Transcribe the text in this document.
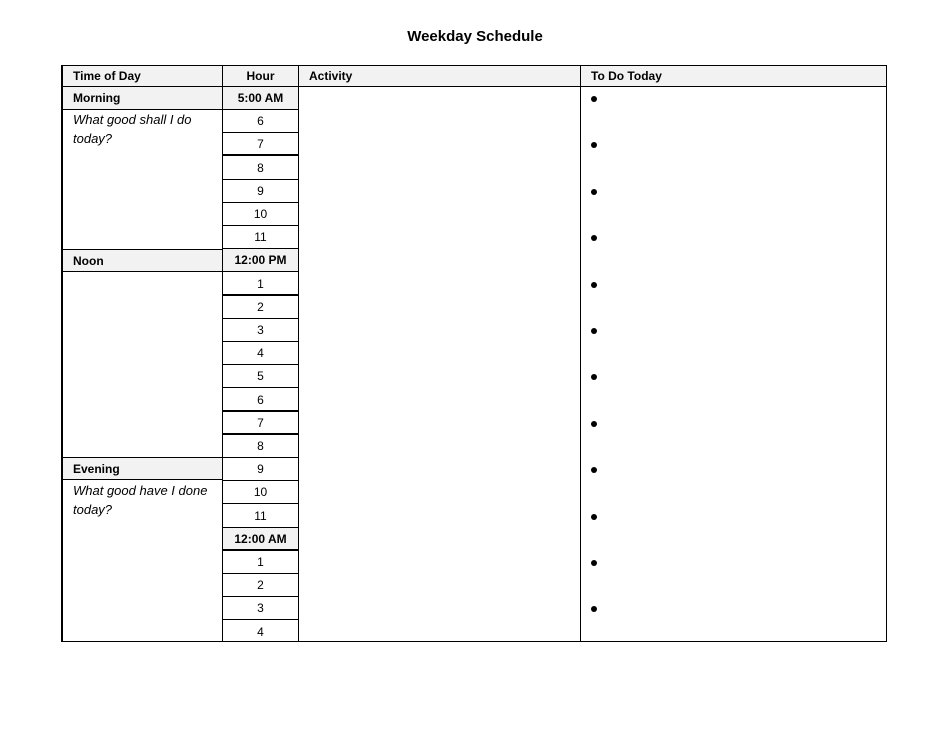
Weekday Schedule
Time of Day
Morning
What good shall I do today?
Noon
Evening
What good have I done today?
Hour
5:00 AM
6
7
8
9
10
11
12:00 PM
1
2
3
4
5
6
7
8
9
10
11
12:00 AM
1
2
3
4
Activity	To Do Today
